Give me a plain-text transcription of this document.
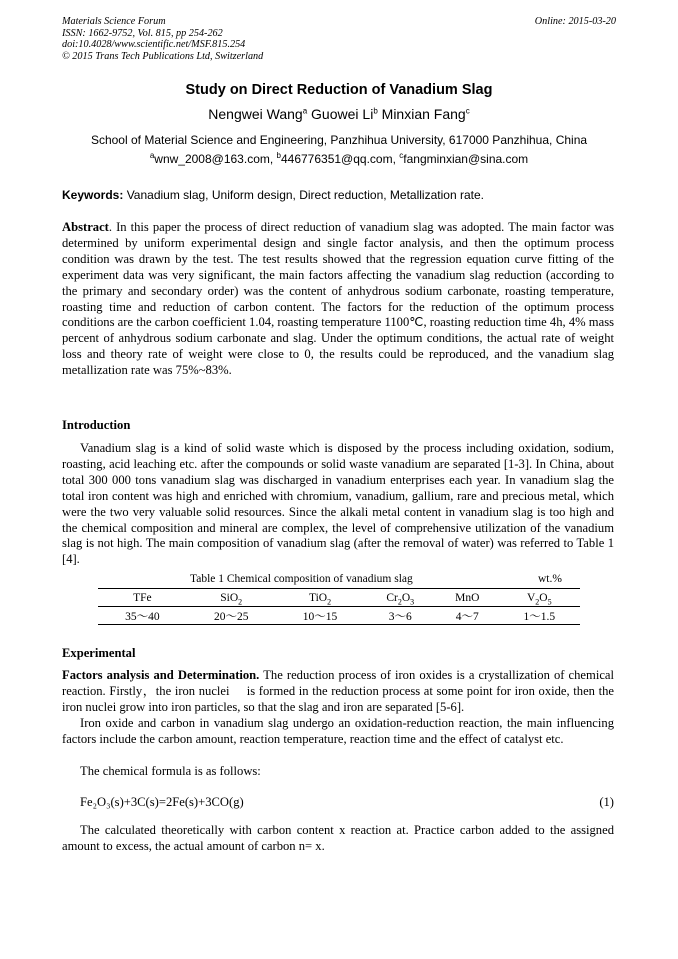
Materials Science Forum
ISSN: 1662-9752, Vol. 815, pp 254-262
doi:10.4028/www.scientific.net/MSF.815.254
© 2015 Trans Tech Publications Ltd, Switzerland
Online: 2015-03-20
Study on Direct Reduction of Vanadium Slag
Nengwei Wang$^a$ Guowei Li$^b$ Minxian Fang$^c$
School of Material Science and Engineering, Panzhihua University, 617000 Panzhihua, China
$^a$wnw_2008@163.com, $^b$446776351@qq.com, $^c$fangminxian@sina.com
Keywords: Vanadium slag, Uniform design, Direct reduction, Metallization rate.
Abstract. In this paper the process of direct reduction of vanadium slag was adopted. The main factor was determined by uniform experimental design and single factor analysis, and then the optimum process condition was drawn by the test. The test results showed that the regression equation curve fitting of the experiment data was very significant, the main factors affecting the vanadium slag reduction (according to the primary and secondary order) was the content of anhydrous sodium carbonate, roasting temperature, roasting time and reduction of carbon content. The factors for the reduction of the optimum process conditions are the carbon coefficient 1.04, roasting temperature 1100℃, roasting reduction time 4h, 4% mass percent of anhydrous sodium carbonate and slag. Under the optimum conditions, the actual rate of weight loss and theory rate of weight were close to 0, the results could be reproduced, and the vanadium slag metallization rate was 75%~83%.
Introduction
Vanadium slag is a kind of solid waste which is disposed by the process including oxidation, sodium, roasting, acid leaching etc. after the compounds or solid waste vanadium are separated [1-3]. In China, about total 300 000 tons vanadium slag was discharged in vanadium enterprises each year. In vanadium slag the total iron content was high and enriched with chromium, vanadium, gallium, rare and precious metal, which were the two very valuable solid resources. Since the alkali metal content in vanadium slag is too high and the chemical composition and mineral are complex, the level of comprehensive utilization of the vanadium slag is not high. The main composition of vanadium slag (after the removal of water) was referred to Table 1 [4].
Table 1 Chemical composition of vanadium slag	wt.%
TFe	SiO$_2$	TiO$_2$	$Cr_2O_3$	MnO	$V_2O_5$
35～40	20～25	10～15	3～6	4～7	1～1.5
Experimental
Factors analysis and Determination. The reduction process of iron oxides is a crystallization of chemical reaction. Firstly，the iron nuclei　 is formed in the reduction process at some point for iron oxide, then the iron nuclei grow into iron particles, so that the slag and iron are separated [5-6].
Iron oxide and carbon in vanadium slag undergo an oxidation-reduction reaction, the main influencing factors include the carbon amount, reaction temperature, reaction time and the effect of catalyst etc.
The chemical formula is as follows:
Fe₂O₃(s)+3C(s)=2Fe(s)+3CO(g)	(1)
The calculated theoretically with carbon content x reaction at. Practice carbon added to the assigned amount to excess, the actual amount of carbon n= x.
